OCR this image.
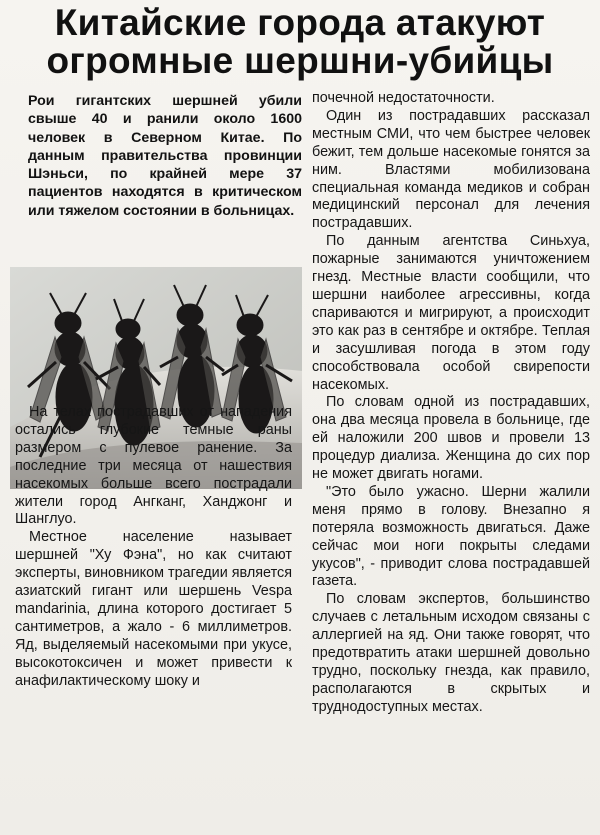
Китайские города атакуют
огромные шершни-убийцы

Рои гигантских шершней убили свыше 40 и ранили около 1600 человек в Северном Китае. По данным правительства провинции Шэньси, по крайней мере 37 пациентов находятся в критическом или тяжелом состоянии в больницах.

На телах пострадавших от нападения остались глубокие темные раны размером с пулевое ранение. За последние три месяца от нашествия насекомых больше всего пострадали жители город Ангканг, Ханджонг и Шанглуо.

Местное население называет шершней "Ху Фэна", но как считают эксперты, виновником трагедии является азиатский гигант или шершень Vespa mandarinia, длина которого достигает 5 сантиметров, а жало - 6 миллиметров. Яд, выделяемый насекомыми при укусе, высокотоксичен и может привести к анафилактическому шоку и

почечной недостаточности.

Один из пострадавших рассказал местным СМИ, что чем быстрее человек бежит, тем дольше насекомые гонятся за ним. Властями мобилизована специальная команда медиков и собран медицинский персонал для лечения пострадавших.

По данным агентства Синьхуа, пожарные занимаются уничтожением гнезд. Местные власти сообщили, что шершни наиболее агрессивны, когда спариваются и мигрируют, а происходит это как раз в сентябре и октябре. Теплая и засушливая погода в этом году способствовала особой свирепости насекомых.

По словам одной из пострадавших, она два месяца провела в больнице, где ей наложили 200 швов и провели 13 процедур диализа. Женщина до сих пор не может двигать ногами.

"Это было ужасно. Шерни жалили меня прямо в голову. Внезапно я потеряла возможность двигаться. Даже сейчас мои ноги покрыты следами укусов", - приводит слова пострадавшей газета.

По словам экспертов, большинство случаев с летальным исходом связаны с аллергией на яд. Они также говорят, что предотвратить атаки шершней довольно трудно, поскольку гнезда, как правило, располагаются в скрытых и труднодоступных местах.
